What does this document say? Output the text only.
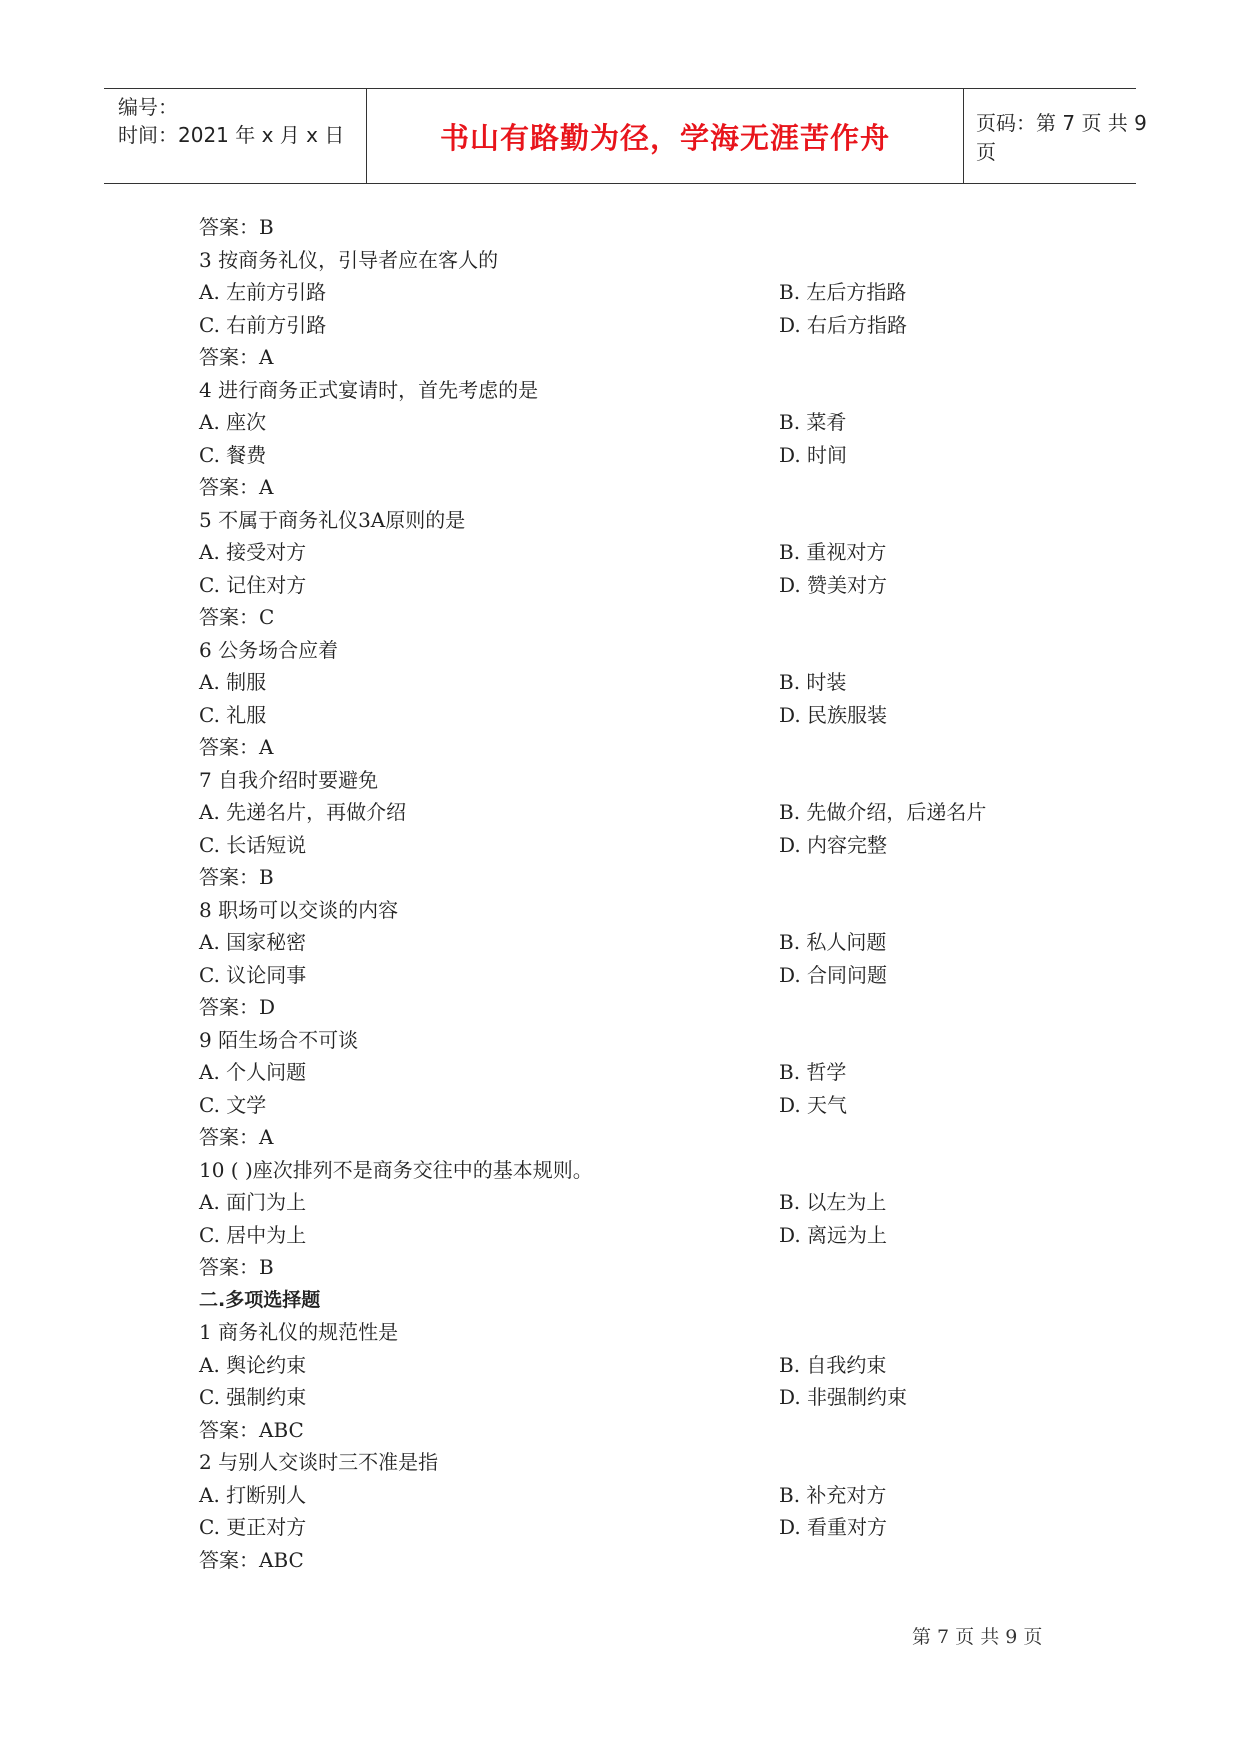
编号：
时间：2021 年 x 月 x 日	书山有路勤为径，学海无涯苦作舟	页码：第 7 页 共 9 页
答案：B
3 按商务礼仪，引导者应在客人的
A. 左前方引路	B. 左后方指路
C. 右前方引路	D. 右后方指路
答案：A
4 进行商务正式宴请时，首先考虑的是
A. 座次	B. 菜肴
C. 餐费	D. 时间
答案：A
5 不属于商务礼仪3A原则的是
A. 接受对方	B. 重视对方
C. 记住对方	D. 赞美对方
答案：C
6 公务场合应着
A. 制服	B. 时装
C. 礼服	D. 民族服装
答案：A
7 自我介绍时要避免
A. 先递名片，再做介绍	B. 先做介绍，后递名片
C. 长话短说	D. 内容完整
答案：B
8 职场可以交谈的内容
A. 国家秘密	B. 私人问题
C. 议论同事	D. 合同问题
答案：D
9 陌生场合不可谈
A. 个人问题	B. 哲学
C. 文学	D. 天气
答案：A
10 ( )座次排列不是商务交往中的基本规则。
A. 面门为上	B. 以左为上
C. 居中为上	D. 离远为上
答案：B
二.多项选择题
1 商务礼仪的规范性是
A. 舆论约束	B. 自我约束
C. 强制约束	D. 非强制约束
答案：ABC
2 与别人交谈时三不准是指
A. 打断别人	B. 补充对方
C. 更正对方	D. 看重对方
答案：ABC
第 7 页 共 9 页
